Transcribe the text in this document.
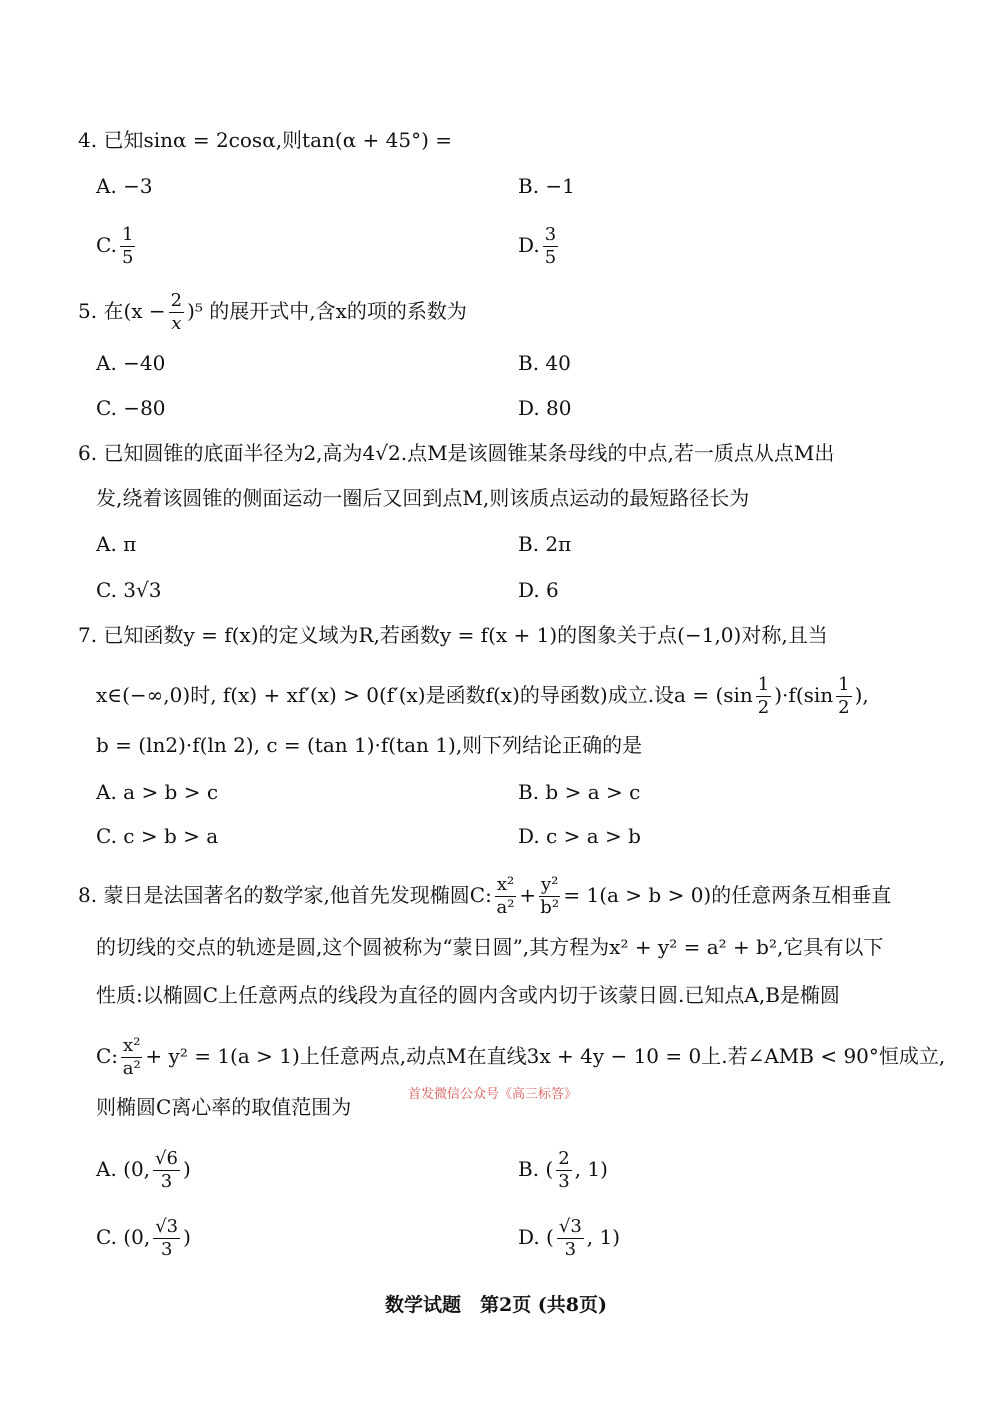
4. 已知sinα = 2cosα,则tan(α + 45°) =
A. −3	B. −1
C. $\frac{1}{5}$	D. $\frac{3}{5}$
5. 在$(x - \frac{2}{x} )^5$ 的展开式中,含x的项的系数为
A. −40	B. 40
C. −80	D. 80
6. 已知圆锥的底面半径为2,高为4√2.点M是该圆锥某条母线的中点,若一质点从点M出
发,绕着该圆锥的侧面运动一圈后又回到点M,则该质点运动的最短路径长为
A. π	B. 2π
C. 3√3	D. 6
7. 已知函数y = f(x)的定义域为R,若函数y = f(x + 1)的图象关于点(−1,0)对称,且当
x∈(−∞,0)时, f(x) + xf′(x) > 0(f′(x)是函数f(x)的导函数)成立.设$a = (\sin \frac{1}{2} )\cdot f(\sin \frac{1}{2}$ ),
b = (ln2)·f(ln 2), c = (tan 1)·f(tan 1),则下列结论正确的是
A. a > b > c	B. b > a > c
C. c > b > a	D. c > a > b
8. 蒙日是法国著名的数学家,他首先发现椭圆C: $\frac{\text{x²}}{\text{a²}} + \frac{\text{y²}}{\text{b²}} = 1(a > b > 0)$的任意两条互相垂直
的切线的交点的轨迹是圆,这个圆被称为“蒙日圆”,其方程为x² + y² = a² + b²,它具有以下
性质:以椭圆C上任意两点的线段为直径的圆内含或内切于该蒙日圆.已知点A,B是椭圆
C: $\frac{\text{x²}}{\text{a²}} + y^2 = 1(a > 1)$上任意两点,动点M在直线3x + 4y − 10 = 0上.若∠AMB < 90°恒成立,
则椭圆C离心率的取值范围为
A. (0, $\frac{√6}{3}$ )	B. ( $\frac{2}{3}$ , 1)
C. (0, $\frac{√3}{3}$ )	D. ( $\frac{√3}{3}$ , 1)
首发微信公众号《高三标答》
数学试题　第2页 (共8页)
